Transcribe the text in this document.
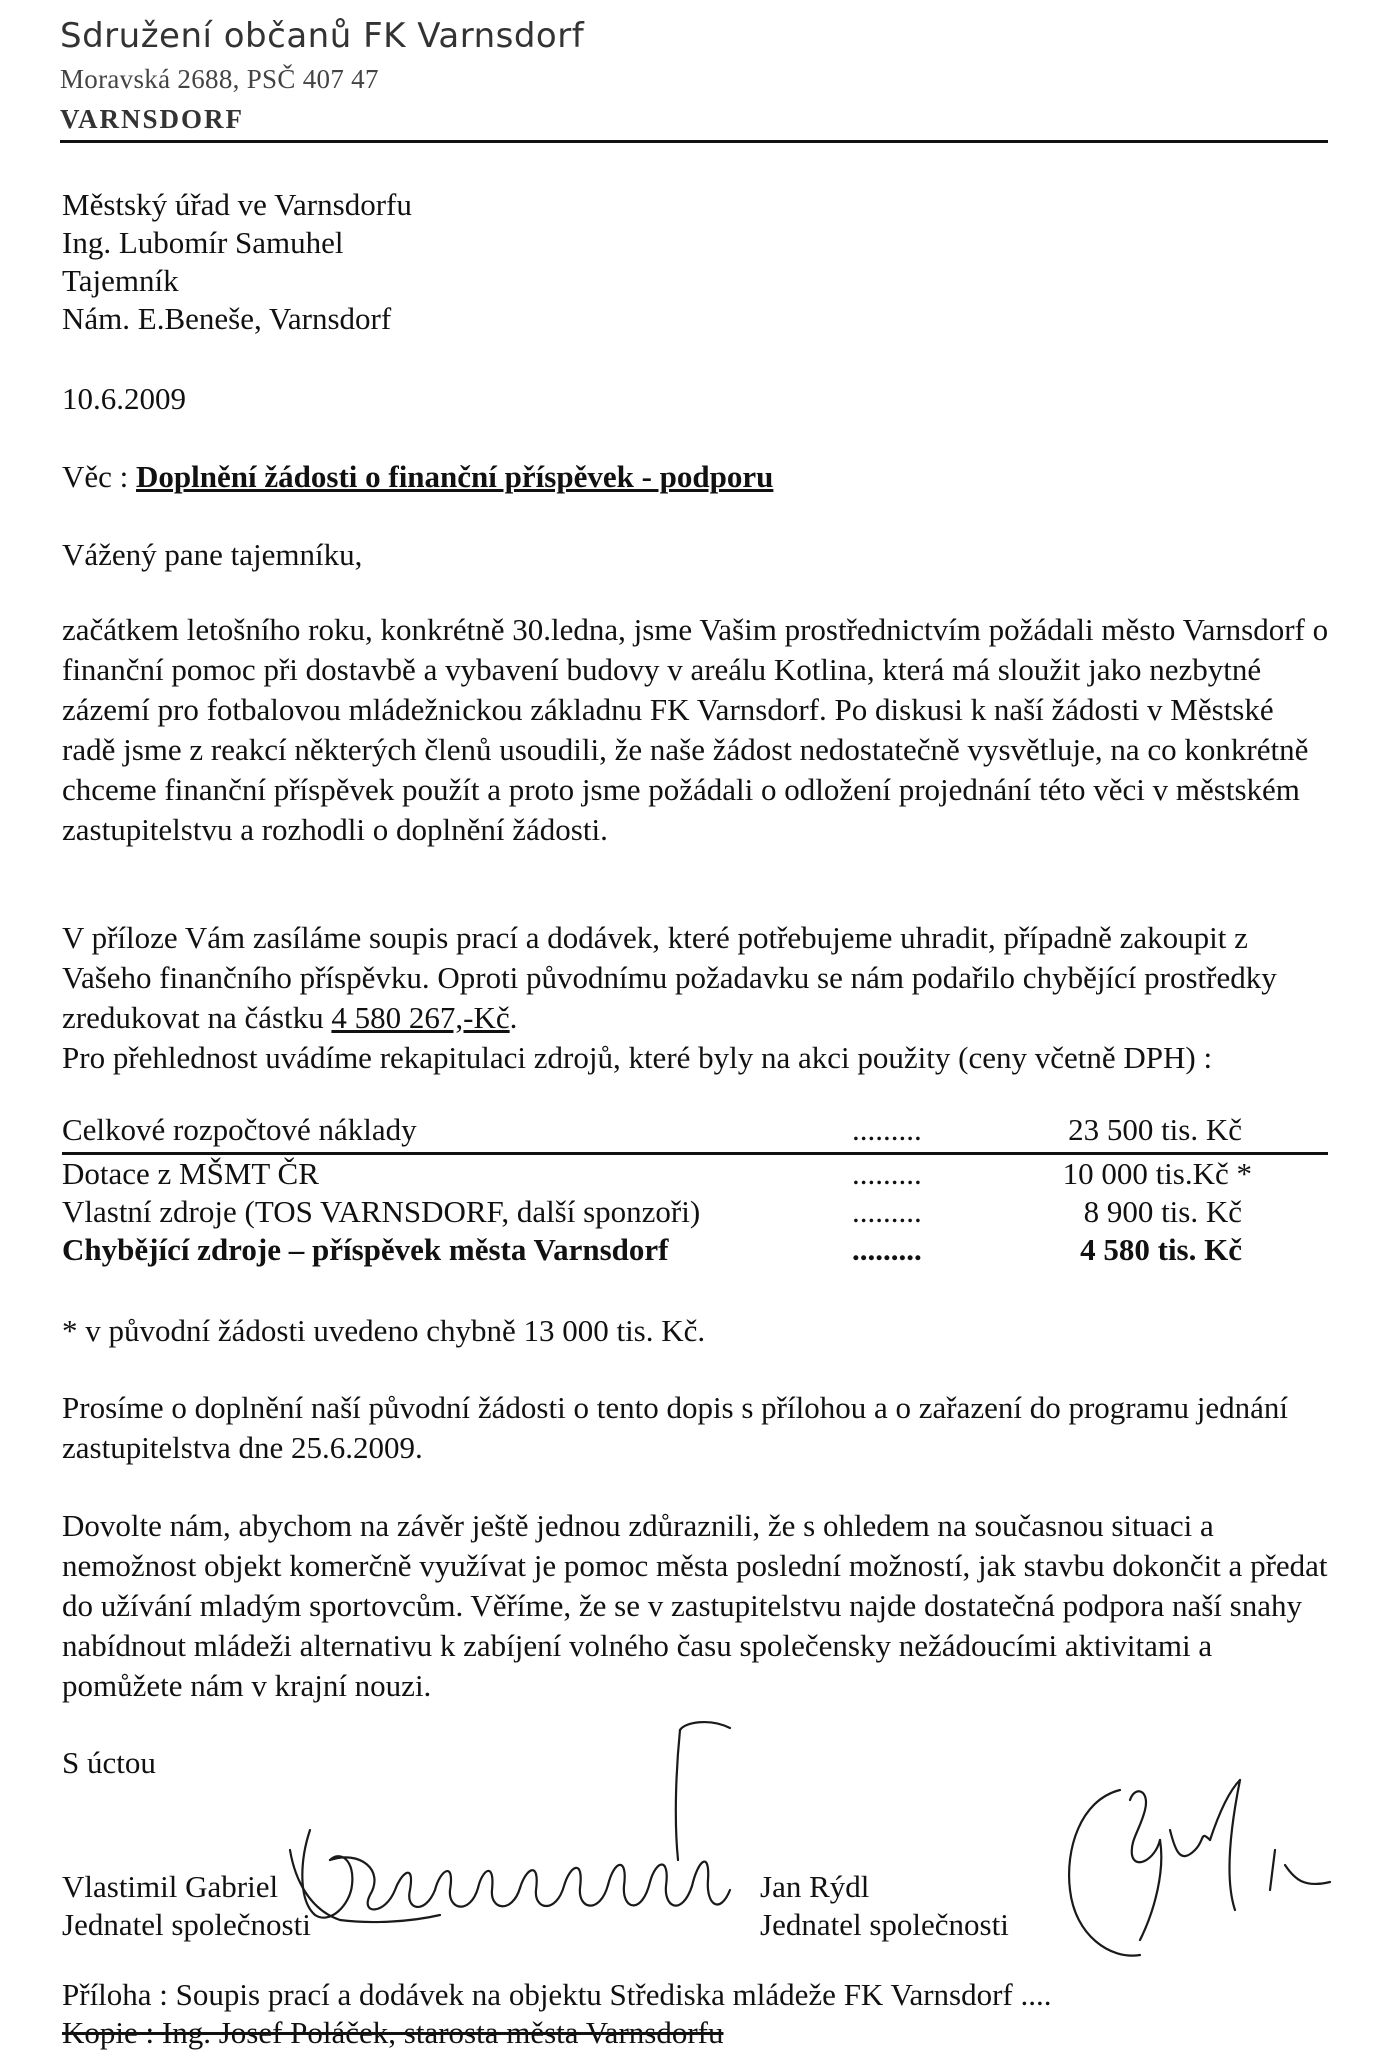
Sdružení občanů FK Varnsdorf
Moravská 2688, PSČ 407 47
VARNSDORF
Městský úřad ve Varnsdorfu
Ing. Lubomír Samuhel
Tajemník
Nám. E.Beneše, Varnsdorf
10.6.2009
Věc : Doplnění žádosti o finanční příspěvek - podporu
Vážený pane tajemníku,
začátkem letošního roku, konkrétně 30.ledna, jsme Vašim prostřednictvím požádali město Varnsdorf o finanční pomoc při dostavbě a vybavení budovy v areálu Kotlina, která má sloužit jako nezbytné zázemí pro fotbalovou mládežnickou základnu FK Varnsdorf. Po diskusi k naší žádosti v Městské radě jsme z reakcí některých členů usoudili, že naše žádost nedostatečně vysvětluje, na co konkrétně chceme finanční příspěvek použít a proto jsme požádali o odložení projednání této věci v městském zastupitelstvu a rozhodli o doplnění žádosti.
V příloze Vám zasíláme soupis prací a dodávek, které potřebujeme uhradit, případně zakoupit z Vašeho finančního příspěvku. Oproti původnímu požadavku se nám podařilo chybějící prostředky zredukovat na částku 4 580 267,-Kč.
Pro přehlednost uvádíme rekapitulaci zdrojů, které byly na akci použity (ceny včetně DPH) :
Celkové rozpočtové náklady	.........	23 500 tis. Kč
Dotace z MŠMT ČR	.........	10 000 tis.Kč *
Vlastní zdroje (TOS VARNSDORF, další sponzoři)	.........	8 900 tis. Kč
Chybějící zdroje – příspěvek města Varnsdorf	.........	4 580 tis. Kč
* v původní žádosti uvedeno chybně 13 000 tis. Kč.
Prosíme o doplnění naší původní žádosti o tento dopis s přílohou a o zařazení do programu jednání zastupitelstva dne 25.6.2009.
Dovolte nám, abychom na závěr ještě jednou zdůraznili, že s ohledem na současnou situaci a nemožnost objekt komerčně využívat je pomoc města poslední možností, jak stavbu dokončit a předat do užívání mladým sportovcům. Věříme, že se v zastupitelstvu najde dostatečná podpora naší snahy nabídnout mládeži alternativu k zabíjení volného času společensky nežádoucími aktivitami a pomůžete nám v krajní nouzi.
S úctou
Vlastimil Gabriel
Jednatel společnosti
Jan Rýdl
Jednatel společnosti
Příloha : Soupis prací a dodávek na objektu Střediska mládeže FK Varnsdorf ....
Kopie : Ing. Josef Poláček, starosta města Varnsdorfu
